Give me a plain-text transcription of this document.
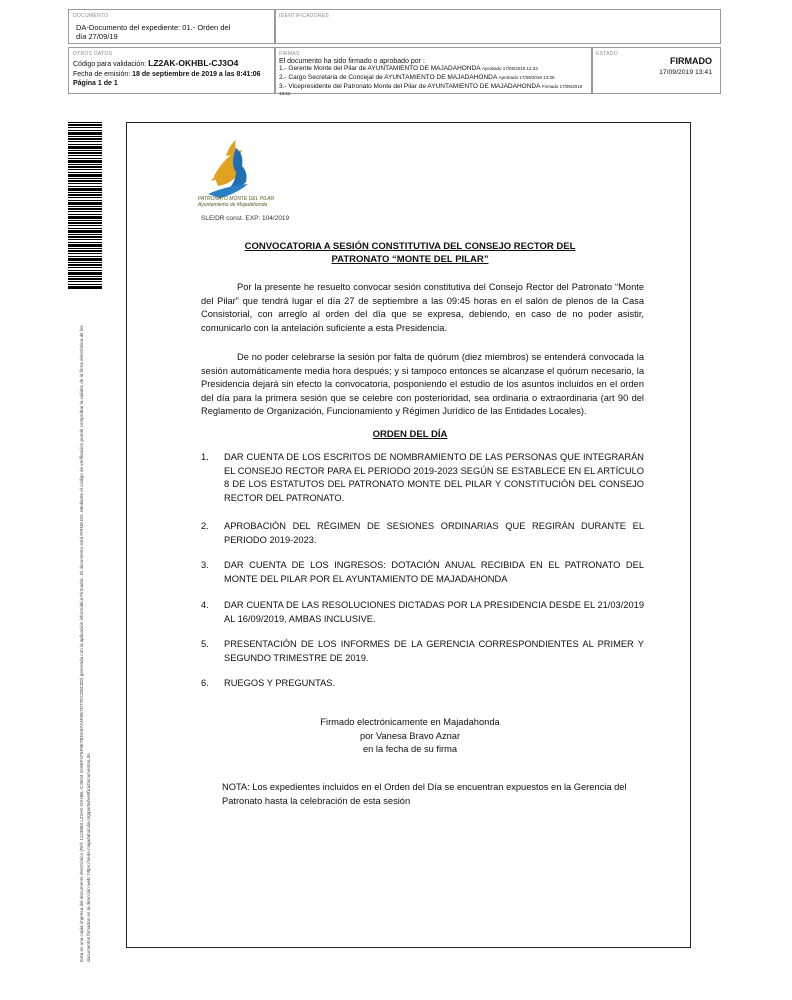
DOCUMENTO
DA-Documento del expediente: 01.- Orden del día 27/09/19
IDENTIFICADORES
OTROS DATOS
Código para validación: LZ2AK-OKHBL-CJ3O4
Fecha de emisión: 18 de septiembre de 2019 a las 8:41:06
Página 1 de 1
FIRMAS
El documento ha sido firmado o aprobado por :
1.- Gerente Monte del Pilar de AYUNTAMIENTO DE MAJADAHONDA Aprobado 17/09/2019 12:34
2.- Cargo Secretaria de Concejal de AYUNTAMIENTO DE MAJADAHONDA Aprobado 17/09/2019 13:38
3.- Vicepresidente del Patronato Monte del Pilar de AYUNTAMIENTO DE MAJADAHONDA Firmado 17/09/2019 13:41
ESTADO
FIRMADO
17/09/2019 13:41
Esta es una copia impresa del documento electrónico (Ref: 1123963 LZ2AK-OKHBL-CJ3O4 2A6EF1F6F9E7BDA87A4F8E7D77DCD8C8D) generada con la aplicación informática Firmadoc. El documento está FIRMADO. Mediante el código de verificación puede comprobar la validez de la firma electrónica de los documentos firmados en la dirección web: https://sede.majadahonda.org/portal/verificaDocumentos.do
PATRONATO MONTE DEL PILAR
Ayuntamiento de Majadahonda
SLE/DR const. EXP: 104/2019
CONVOCATORIA A SESIÓN CONSTITUTIVA DEL CONSEJO RECTOR DEL
PATRONATO “MONTE DEL PILAR”
Por la presente he resuelto convocar sesión constitutiva del Consejo Rector del Patronato “Monte del Pilar” que tendrá lugar el día 27 de septiembre a las 09:45 horas en el salón de plenos de la Casa Consistorial, con arreglo al orden del día que se expresa, debiendo, en caso de no poder asistir, comunicarlo con la antelación suficiente a esta Presidencia.
De no poder celebrarse la sesión por falta de quórum (diez miembros) se entenderá convocada la sesión automáticamente media hora después; y si tampoco entonces se alcanzase el quórum necesario, la Presidencia dejará sin efecto la convocatoria, posponiendo el estudio de los asuntos incluidos en el orden del día para la primera sesión que se celebre con posterioridad, sea ordinaria o extraordinaria (art 90 del Reglamento de Organización, Funcionamiento y Régimen Jurídico de las Entidades Locales).
ORDEN DEL DÍA
1. DAR CUENTA DE LOS ESCRITOS DE NOMBRAMIENTO DE LAS PERSONAS QUE INTEGRARÁN EL CONSEJO RECTOR PARA EL PERIODO 2019-2023 SEGÚN SE ESTABLECE EN EL ARTÍCULO 8 DE LOS ESTATUTOS DEL PATRONATO MONTE DEL PILAR Y CONSTITUCIÓN DEL CONSEJO RECTOR DEL PATRONATO.
2. APROBACIÓN DEL RÉGIMEN DE SESIONES ORDINARIAS QUE REGIRÁN DURANTE EL PERIODO 2019-2023.
3. DAR CUENTA DE LOS INGRESOS: DOTACIÓN ANUAL RECIBIDA EN EL PATRONATO DEL MONTE DEL PILAR POR EL AYUNTAMIENTO DE MAJADAHONDA
4. DAR CUENTA DE LAS RESOLUCIONES DICTADAS POR LA PRESIDENCIA DESDE EL 21/03/2019 AL 16/09/2019, AMBAS INCLUSIVE.
5. PRESENTACIÓN DE LOS INFORMES DE LA GERENCIA CORRESPONDIENTES AL PRIMER Y SEGUNDO TRIMESTRE DE 2019.
6. RUEGOS Y PREGUNTAS.
Firmado electrónicamente en Majadahonda
por Vanesa Bravo Aznar
en la fecha de su firma
NOTA: Los expedientes incluidos en el Orden del Día se encuentran expuestos en la Gerencia del Patronato hasta la celebración de esta sesión
